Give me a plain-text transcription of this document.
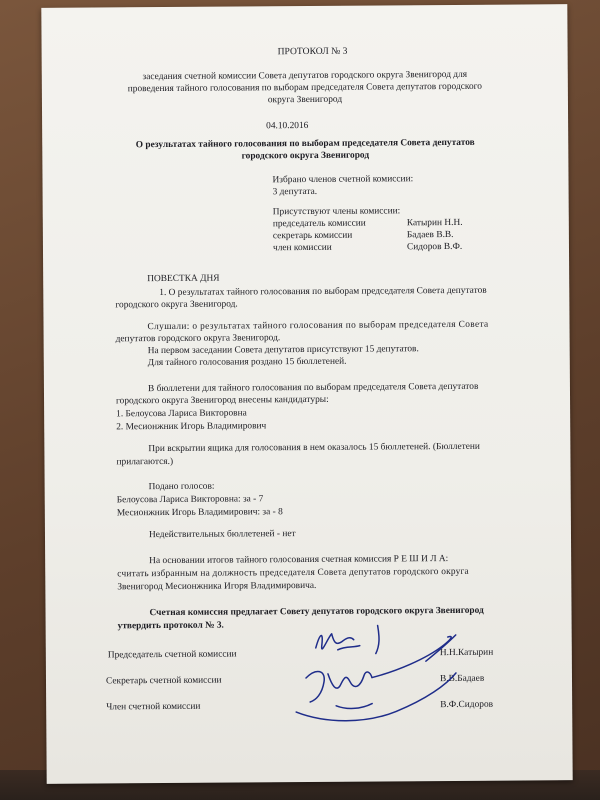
ПРОТОКОЛ № 3
заседания счетной комиссии Совета депутатов городского округа Звенигород для
проведения тайного голосования по выборам председателя Совета депутатов городского
округа Звенигород
04.10.2016
О результатах тайного голосования по выборам председателя Совета депутатов
городского округа Звенигород
Избрано членов счетной комиссии:
3 депутата.
Присутствуют члены комиссии:
председатель комиссии	Катырин Н.Н.
секретарь комиссии	Бадаев В.В.
член комиссии	Сидоров В.Ф.
ПОВЕСТКА ДНЯ
1. О результатах тайного голосования по выборам председателя Совета депутатов
городского округа Звенигород.
Слушали: о результатах тайного голосования по выборам председателя Совета
депутатов городского округа Звенигород.
На первом заседании Совета депутатов присутствуют 15 депутатов.
Для тайного голосования роздано 15 бюллетеней.
В бюллетени для тайного голосования по выборам председателя Совета депутатов
городского округа Звенигород внесены кандидатуры:
1. Белоусова Лариса Викторовна
2. Месионжник Игорь Владимирович
При вскрытии ящика для голосования в нем оказалось 15 бюллетеней. (Бюллетени
прилагаются.)
Подано голосов:
Белоусова Лариса Викторовна: за - 7
Месионжник Игорь Владимирович: за - 8
Недействительных бюллетеней - нет
На основании итогов тайного голосования счетная комиссия Р Е Ш И Л А:
считать избранным на должность председателя Совета депутатов городского округа
Звенигород Месионжника Игоря Владимировича.
Счетная комиссия предлагает Совету депутатов городского округа Звенигород
утвердить протокол № 3.
Председатель счетной комиссии	Н.Н.Катырин
Секретарь счетной комиссии	В.В.Бадаев
Член счетной комиссии	В.Ф.Сидоров
